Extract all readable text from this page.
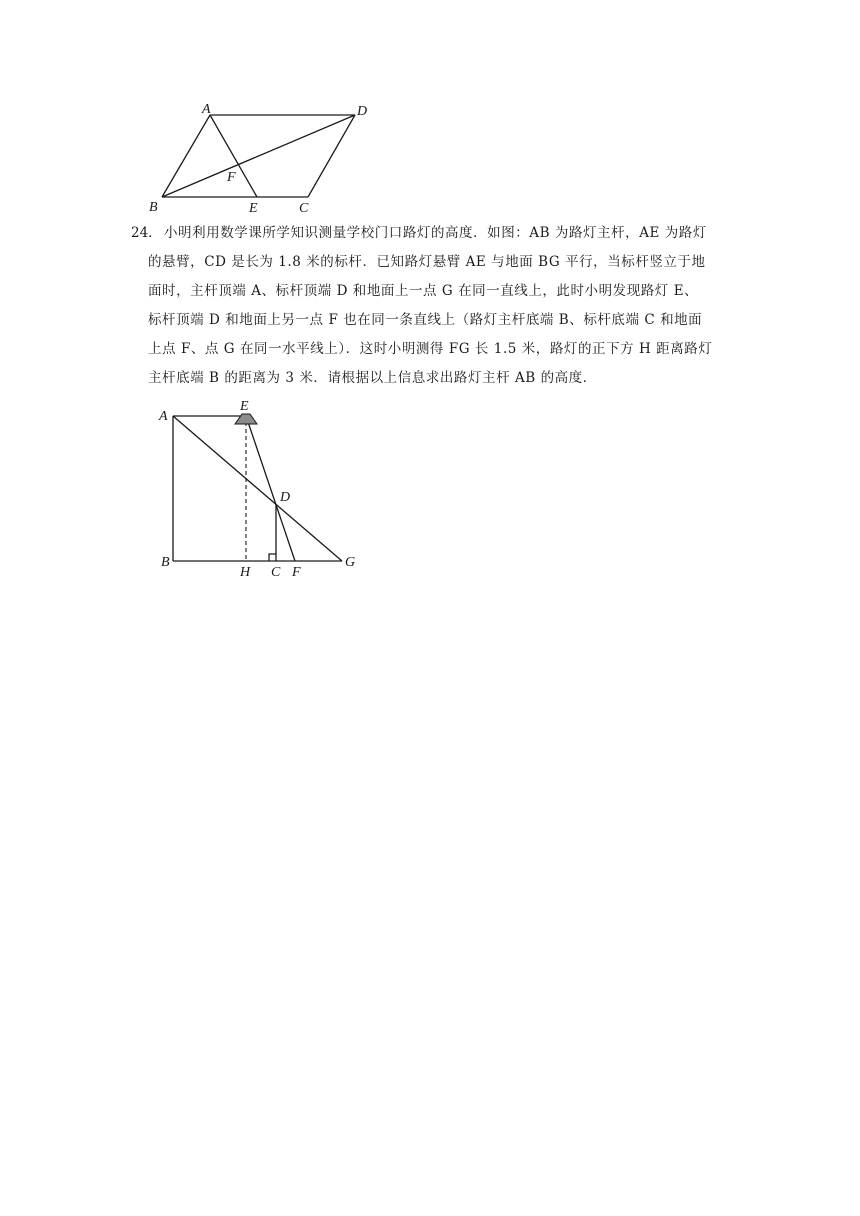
A	D
F
B	E	C
24． 小明利用数学课所学知识测量学校门口路灯的高度．如图：AB 为路灯主杆，AE 为路灯
的悬臂，CD 是长为 1.8 米的标杆．已知路灯悬臂 AE 与地面 BG 平行，当标杆竖立于地
面时，主杆顶端 A、标杆顶端 D 和地面上一点 G 在同一直线上，此时小明发现路灯 E、
标杆顶端 D 和地面上另一点 F 也在同一条直线上（路灯主杆底端 B、标杆底端 C 和地面
上点 F、点 G 在同一水平线上）．这时小明测得 FG 长 1.5 米，路灯的正下方 H 距离路灯
主杆底端 B 的距离为 3 米．请根据以上信息求出路灯主杆 AB 的高度．
A
E
D
B
H C F
G
